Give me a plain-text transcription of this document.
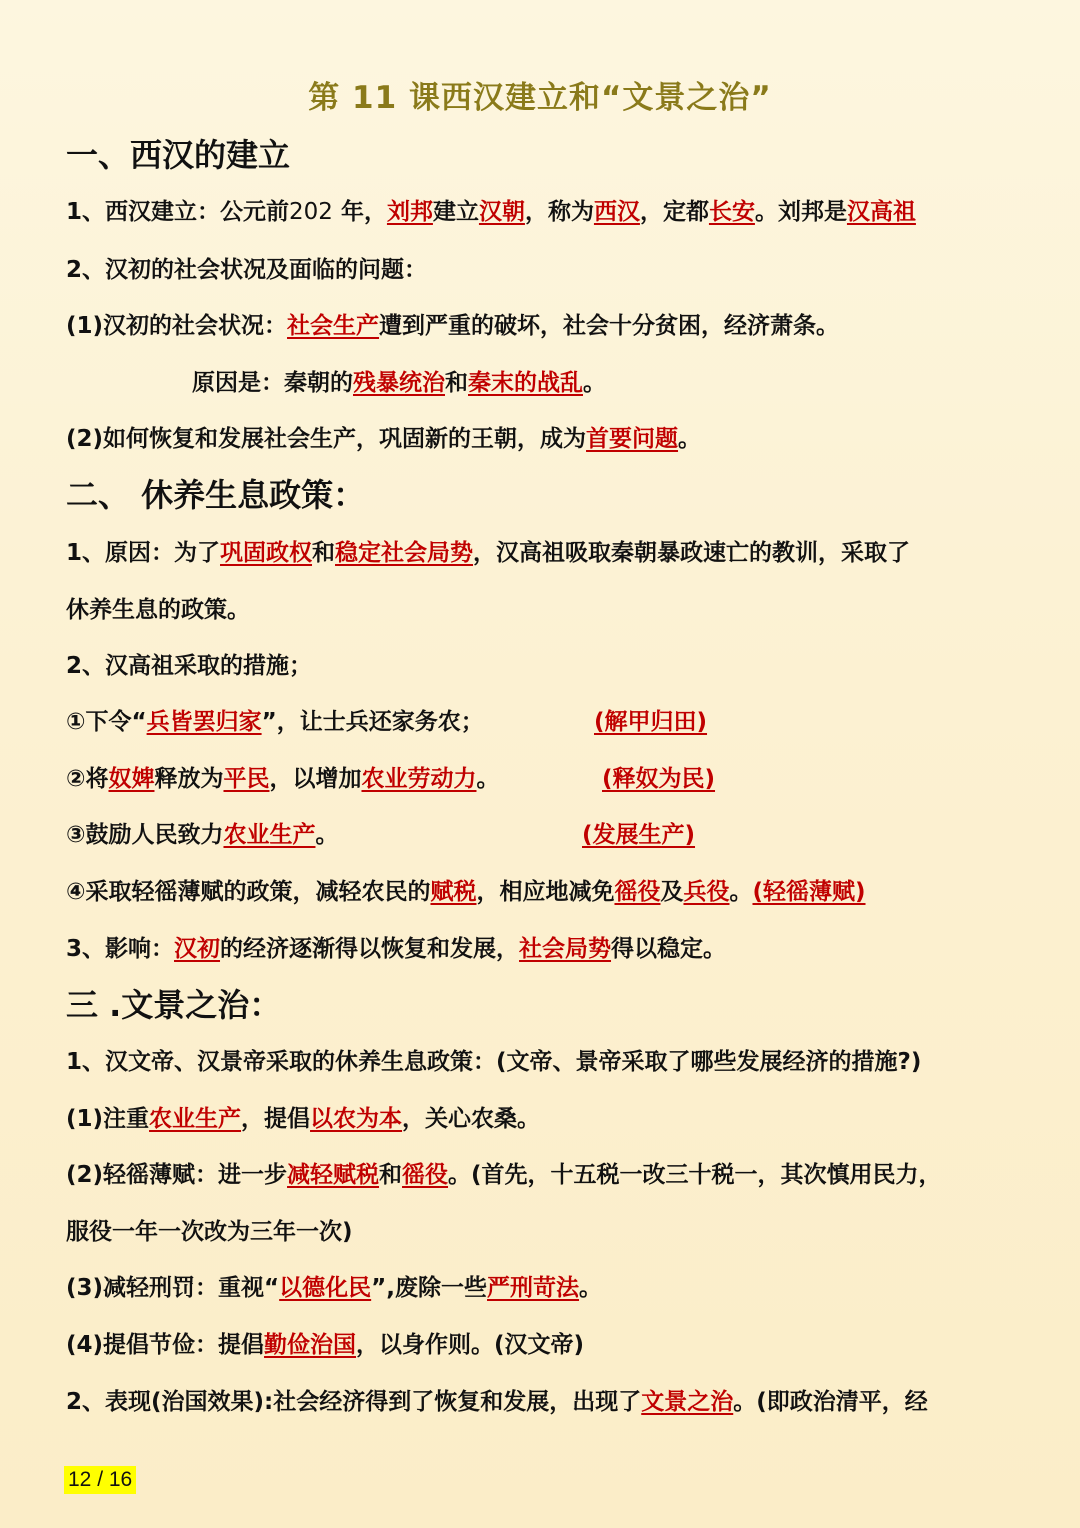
第 11 课西汉建立和“文景之治”
一、西汉的建立
1、西汉建立：公元前202 年，刘邦建立汉朝，称为西汉，定都长安。刘邦是汉高祖
2、汉初的社会状况及面临的问题：
(1)汉初的社会状况：社会生产遭到严重的破坏，社会十分贫困，经济萧条。
原因是：秦朝的残暴统治和秦末的战乱。
(2)如何恢复和发展社会生产，巩固新的王朝，成为首要问题。
二、 休养生息政策：
1、原因：为了巩固政权和稳定社会局势，汉高祖吸取秦朝暴政速亡的教训，采取了
休养生息的政策。
2、汉高祖采取的措施；
①下令“兵皆罢归家”，让士兵还家务农；	(解甲归田)
②将奴婢释放为平民，以增加农业劳动力。	(释奴为民)
③鼓励人民致力农业生产。	(发展生产)
④采取轻徭薄赋的政策，减轻农民的赋税，相应地减免徭役及兵役。(轻徭薄赋)
3、影响：汉初的经济逐渐得以恢复和发展，社会局势得以稳定。
三 .文景之治：
1、汉文帝、汉景帝采取的休养生息政策：(文帝、景帝采取了哪些发展经济的措施?)
(1)注重农业生产，提倡以农为本，关心农桑。
(2)轻徭薄赋：进一步减轻赋税和徭役。(首先，十五税一改三十税一，其次慎用民力，
服役一年一次改为三年一次)
(3)减轻刑罚：重视“以德化民”,废除一些严刑苛法。
(4)提倡节俭：提倡勤俭治国，以身作则。(汉文帝)
2、表现(治国效果):社会经济得到了恢复和发展，出现了文景之治。(即政治清平，经
12 / 16
